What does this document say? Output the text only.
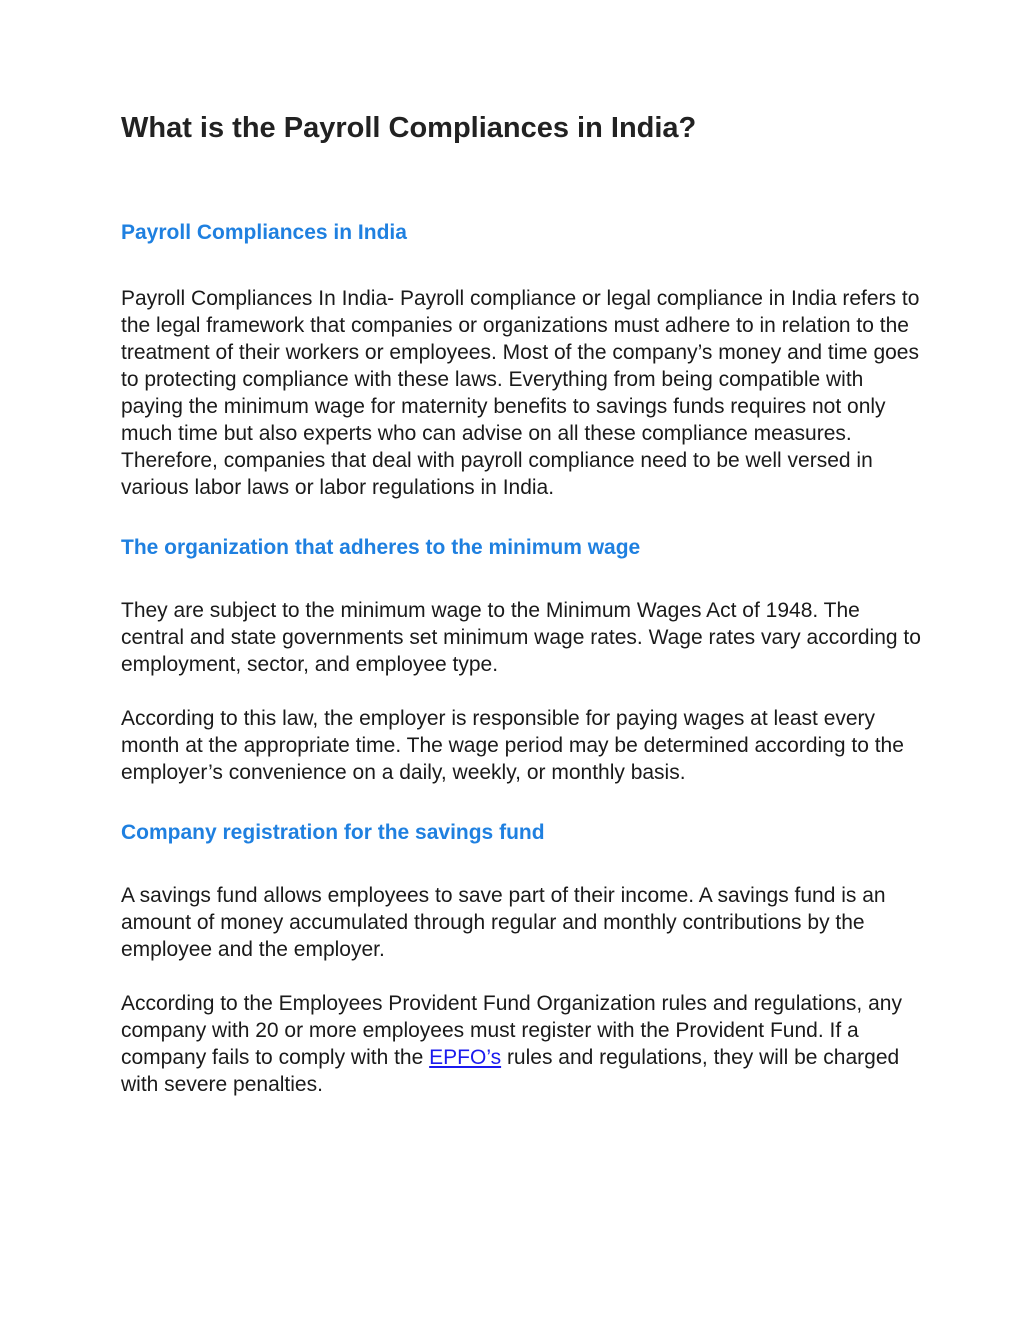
What is the Payroll Compliances in India?
Payroll Compliances in India

Payroll Compliances In India- Payroll compliance or legal compliance in India refers to the legal framework that companies or organizations must adhere to in relation to the treatment of their workers or employees. Most of the company’s money and time goes to protecting compliance with these laws. Everything from being compatible with paying the minimum wage for maternity benefits to savings funds requires not only much time but also experts who can advise on all these compliance measures. Therefore, companies that deal with payroll compliance need to be well versed in various labor laws or labor regulations in India.

The organization that adheres to the minimum wage

They are subject to the minimum wage to the Minimum Wages Act of 1948. The central and state governments set minimum wage rates. Wage rates vary according to employment, sector, and employee type.

According to this law, the employer is responsible for paying wages at least every month at the appropriate time. The wage period may be determined according to the employer’s convenience on a daily, weekly, or monthly basis.

Company registration for the savings fund

A savings fund allows employees to save part of their income. A savings fund is an amount of money accumulated through regular and monthly contributions by the employee and the employer.

According to the Employees Provident Fund Organization rules and regulations, any company with 20 or more employees must register with the Provident Fund. If a company fails to comply with the EPFO’s rules and regulations, they will be charged with severe penalties.
